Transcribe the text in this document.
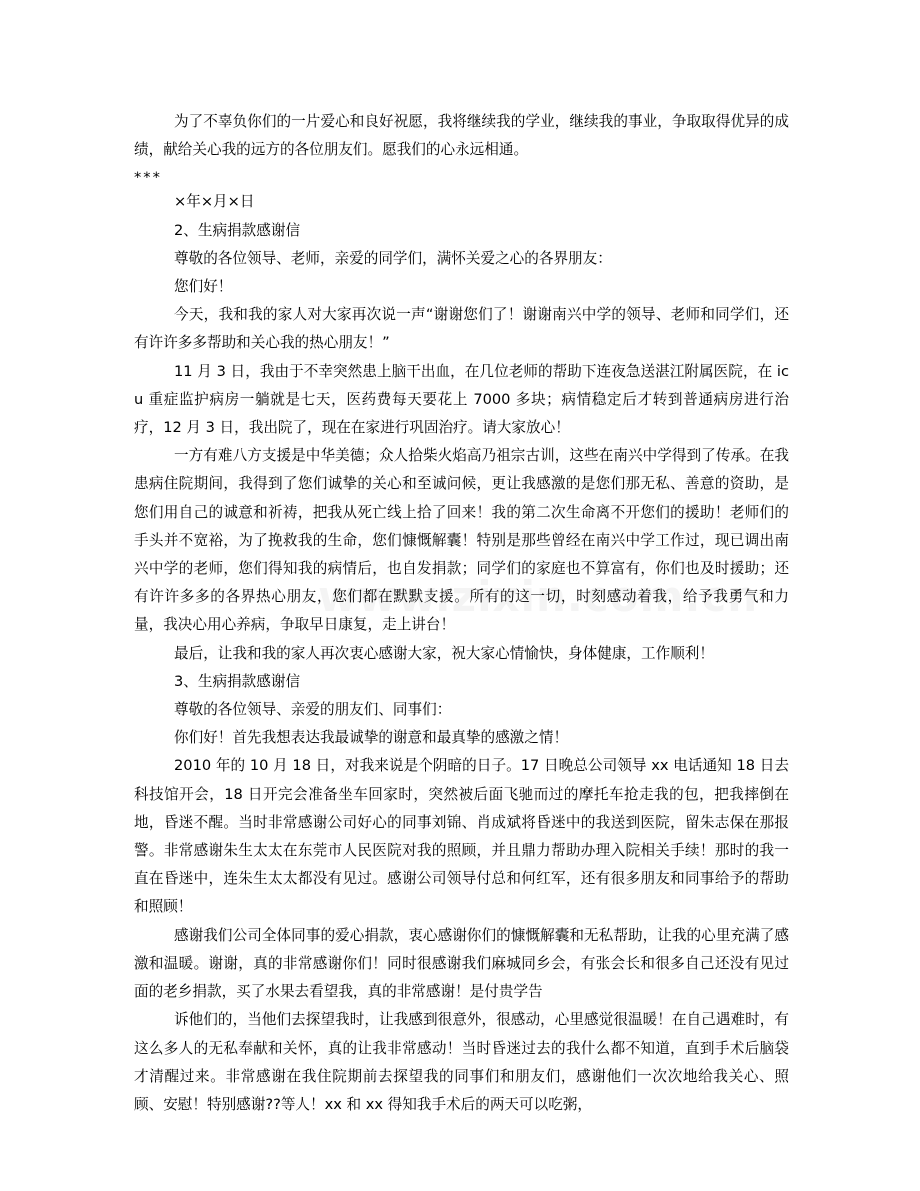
为了不辜负你们的一片爱心和良好祝愿，我将继续我的学业，继续我的事业，争取取得优异的成绩，献给关心我的远方的各位朋友们。愿我们的心永远相通。

***

×年×月×日

2、生病捐款感谢信

尊敬的各位领导、老师，亲爱的同学们，满怀关爱之心的各界朋友：

您们好！

今天，我和我的家人对大家再次说一声“谢谢您们了！谢谢南兴中学的领导、老师和同学们，还有许许多多帮助和关心我的热心朋友！”

11 月 3 日，我由于不幸突然患上脑干出血，在几位老师的帮助下连夜急送湛江附属医院，在 icu 重症监护病房一躺就是七天，医药费每天要花上 7000 多块；病情稳定后才转到普通病房进行治疗，12 月 3 日，我出院了，现在在家进行巩固治疗。请大家放心！

一方有难八方支援是中华美德；众人拾柴火焰高乃祖宗古训，这些在南兴中学得到了传承。在我患病住院期间，我得到了您们诚挚的关心和至诚问候，更让我感激的是您们那无私、善意的资助，是您们用自己的诚意和祈祷，把我从死亡线上拾了回来！我的第二次生命离不开您们的援助！老师们的手头并不宽裕，为了挽救我的生命，您们慷慨解囊！特别是那些曾经在南兴中学工作过，现已调出南兴中学的老师，您们得知我的病情后，也自发捐款；同学们的家庭也不算富有，你们也及时援助；还有许许多多的各界热心朋友，您们都在默默支援。所有的这一切，时刻感动着我，给予我勇气和力量，我决心用心养病，争取早日康复，走上讲台！

最后，让我和我的家人再次衷心感谢大家，祝大家心情愉快，身体健康，工作顺利！

3、生病捐款感谢信

尊敬的各位领导、亲爱的朋友们、同事们：

你们好！首先我想表达我最诚挚的谢意和最真挚的感激之情！

2010 年的 10 月 18 日，对我来说是个阴暗的日子。17 日晚总公司领导 xx 电话通知 18 日去科技馆开会，18 日开完会准备坐车回家时，突然被后面飞驰而过的摩托车抢走我的包，把我摔倒在地，昏迷不醒。当时非常感谢公司好心的同事刘锦、肖成斌将昏迷中的我送到医院，留朱志保在那报警。非常感谢朱生太太在东莞市人民医院对我的照顾，并且鼎力帮助办理入院相关手续！那时的我一直在昏迷中，连朱生太太都没有见过。感谢公司领导付总和何红军，还有很多朋友和同事给予的帮助和照顾！

感谢我们公司全体同事的爱心捐款，衷心感谢你们的慷慨解囊和无私帮助，让我的心里充满了感激和温暖。谢谢，真的非常感谢你们！同时很感谢我们麻城同乡会，有张会长和很多自己还没有见过面的老乡捐款，买了水果去看望我，真的非常感谢！是付贵学告

诉他们的，当他们去探望我时，让我感到很意外，很感动，心里感觉很温暖！在自己遇难时，有这么多人的无私奉献和关怀，真的让我非常感动！当时昏迷过去的我什么都不知道，直到手术后脑袋才清醒过来。非常感谢在我住院期前去探望我的同事们和朋友们，感谢他们一次次地给我关心、照顾、安慰！特别感谢??等人！xx 和 xx 得知我手术后的两天可以吃粥，
